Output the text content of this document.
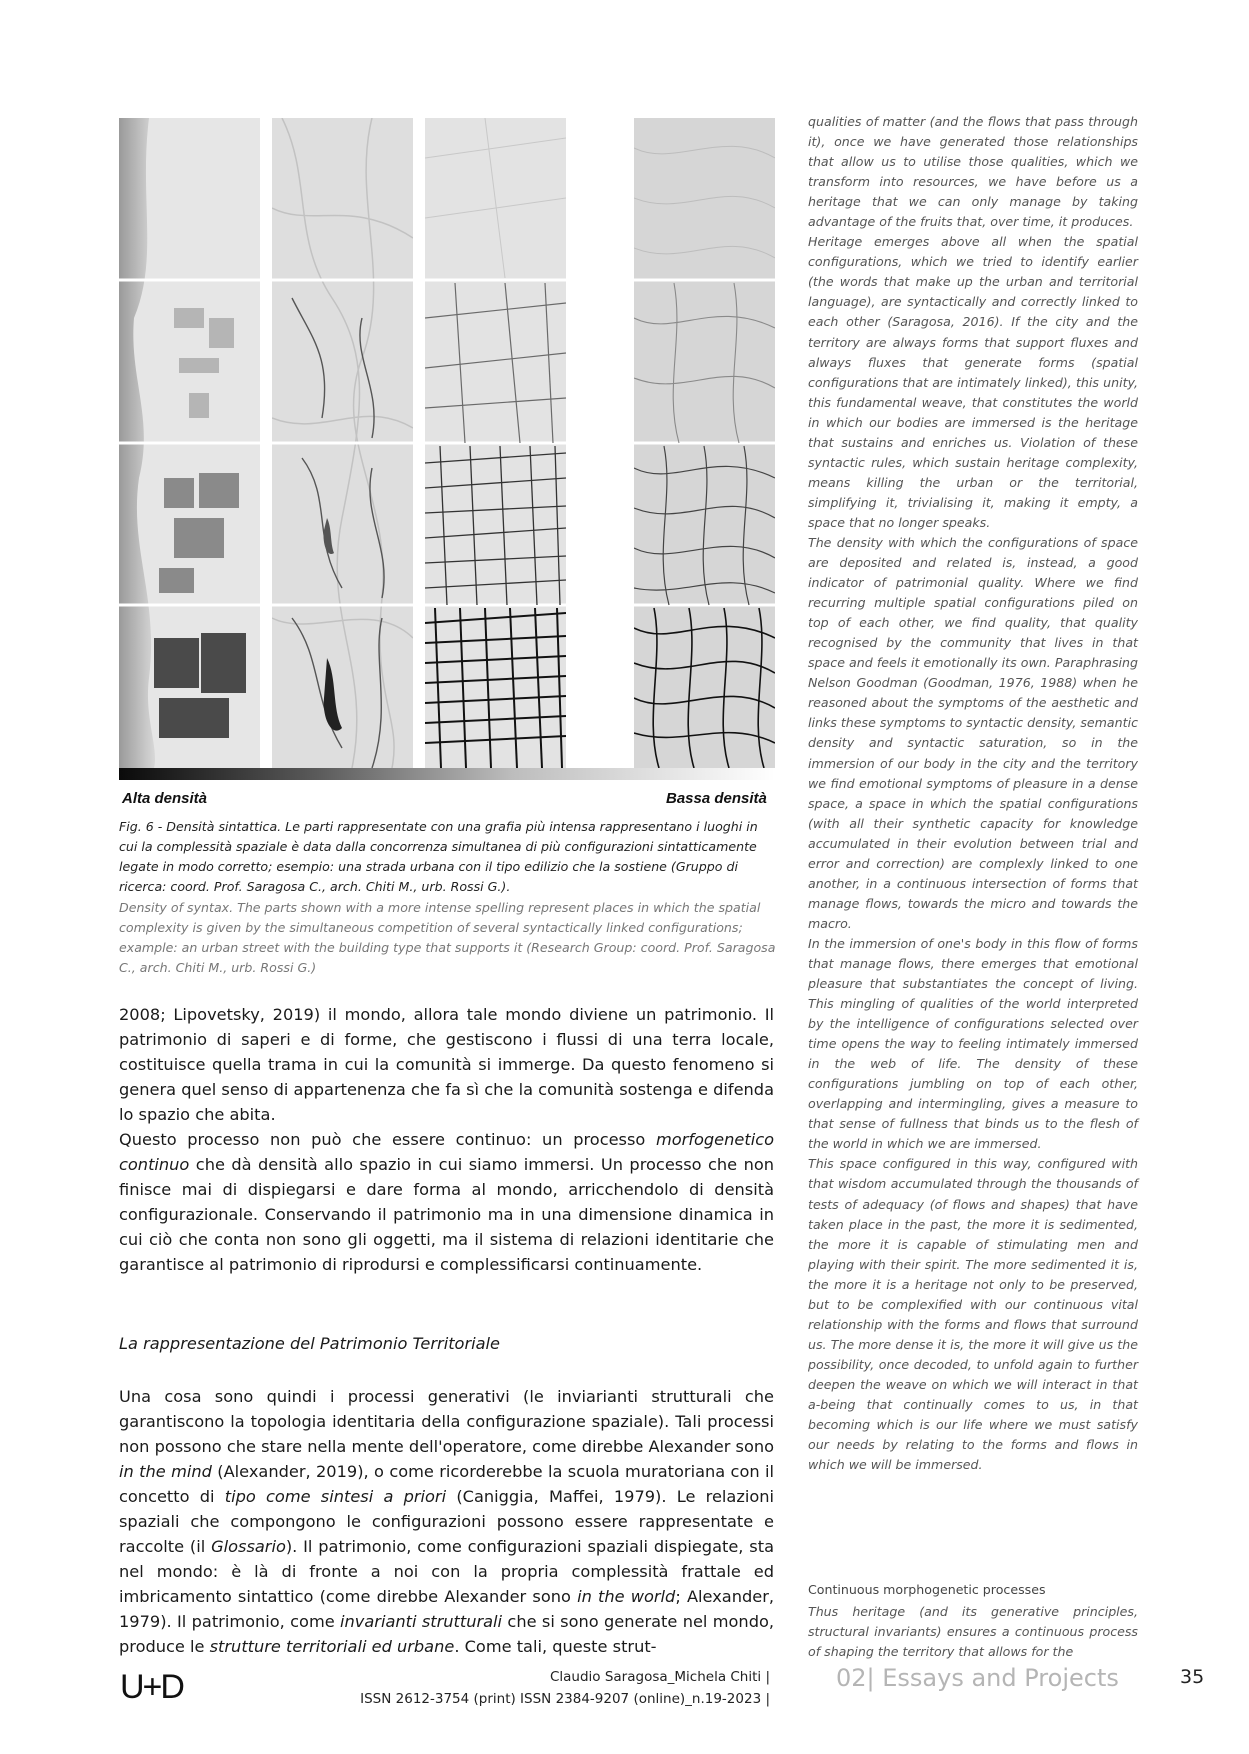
Alta densità	Bassa densità
Fig. 6 - Densità sintattica. Le parti rappresentate con una grafia più intensa rappresentano i luoghi in cui la complessità spaziale è data dalla concorrenza simultanea di più configurazioni sintatticamente legate in modo corretto; esempio: una strada urbana con il tipo edilizio che la sostiene (Gruppo di ricerca: coord. Prof. Saragosa C., arch. Chiti M., urb. Rossi G.).
Density of syntax. The parts shown with a more intense spelling represent places in which the spatial complexity is given by the simultaneous competition of several syntactically linked configurations; example: an urban street with the building type that supports it (Research Group: coord. Prof. Saragosa C., arch. Chiti M., urb. Rossi G.)

2008; Lipovetsky, 2019) il mondo, allora tale mondo diviene un patrimonio. Il patrimonio di saperi e di forme, che gestiscono i flussi di una terra locale, costituisce quella trama in cui la comunità si immerge. Da questo fenomeno si genera quel senso di appartenenza che fa sì che la comunità sostenga e difenda lo spazio che abita.

Questo processo non può che essere continuo: un processo morfogenetico continuo che dà densità allo spazio in cui siamo immersi. Un processo che non finisce mai di dispiegarsi e dare forma al mondo, arricchendolo di densità configurazionale. Conservando il patrimonio ma in una dimensione dinamica in cui ciò che conta non sono gli oggetti, ma il sistema di relazioni identitarie che garantisce al patrimonio di riprodursi e complessificarsi continuamente.

La rappresentazione del Patrimonio Territoriale

Una cosa sono quindi i processi generativi (le inviarianti strutturali che garantiscono la topologia identitaria della configurazione spaziale). Tali processi non possono che stare nella mente dell'operatore, come direbbe Alexander sono in the mind (Alexander, 2019), o come ricorderebbe la scuola muratoriana con il concetto di tipo come sintesi a priori (Caniggia, Maffei, 1979). Le relazioni spaziali che compongono le configurazioni possono essere rappresentate e raccolte (il Glossario). Il patrimonio, come configurazioni spaziali dispiegate, sta nel mondo: è là di fronte a noi con la propria complessità frattale ed imbricamento sintattico (come direbbe Alexander sono in the world; Alexander, 1979). Il patrimonio, come invarianti strutturali che si sono generate nel mondo, produce le strutture territoriali ed urbane. Come tali, queste strut-

qualities of matter (and the flows that pass through it), once we have generated those relationships that allow us to utilise those qualities, which we transform into resources, we have before us a heritage that we can only manage by taking advantage of the fruits that, over time, it produces.

Heritage emerges above all when the spatial configurations, which we tried to identify earlier (the words that make up the urban and territorial language), are syntactically and correctly linked to each other (Saragosa, 2016). If the city and the territory are always forms that support fluxes and always fluxes that generate forms (spatial configurations that are intimately linked), this unity, this fundamental weave, that constitutes the world in which our bodies are immersed is the heritage that sustains and enriches us. Violation of these syntactic rules, which sustain heritage complexity, means killing the urban or the territorial, simplifying it, trivialising it, making it empty, a space that no longer speaks.

The density with which the configurations of space are deposited and related is, instead, a good indicator of patrimonial quality. Where we find recurring multiple spatial configurations piled on top of each other, we find quality, that quality recognised by the community that lives in that space and feels it emotionally its own. Paraphrasing Nelson Goodman (Goodman, 1976, 1988) when he reasoned about the symptoms of the aesthetic and links these symptoms to syntactic density, semantic density and syntactic saturation, so in the immersion of our body in the city and the territory we find emotional symptoms of pleasure in a dense space, a space in which the spatial configurations (with all their synthetic capacity for knowledge accumulated in their evolution between trial and error and correction) are complexly linked to one another, in a continuous intersection of forms that manage flows, towards the micro and towards the macro.

In the immersion of one's body in this flow of forms that manage flows, there emerges that emotional pleasure that substantiates the concept of living. This mingling of qualities of the world interpreted by the intelligence of configurations selected over time opens the way to feeling intimately immersed in the web of life. The density of these configurations jumbling on top of each other, overlapping and intermingling, gives a measure to that sense of fullness that binds us to the flesh of the world in which we are immersed.

This space configured in this way, configured with that wisdom accumulated through the thousands of tests of adequacy (of flows and shapes) that have taken place in the past, the more it is sedimented, the more it is capable of stimulating men and playing with their spirit. The more sedimented it is, the more it is a heritage not only to be preserved, but to be complexified with our continuous vital relationship with the forms and flows that surround us. The more dense it is, the more it will give us the possibility, once decoded, to unfold again to further deepen the weave on which we will interact in that a-being that continually comes to us, in that becoming which is our life where we must satisfy our needs by relating to the forms and flows in which we will be immersed.

Continuous morphogenetic processes
Thus heritage (and its generative principles, structural invariants) ensures a continuous process of shaping the territory that allows for the
U+D	Claudio Saragosa_Michela Chiti |
ISSN 2612-3754 (print) ISSN 2384-9207 (online)_n.19-2023 |
02| Essays and Projects	35
